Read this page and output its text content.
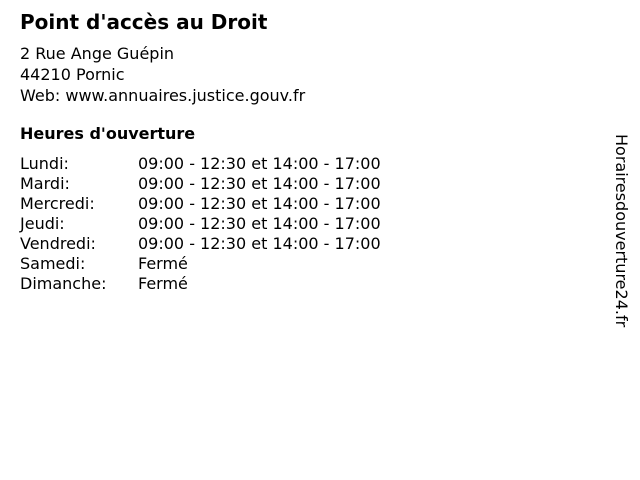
Point d'accès au Droit
2 Rue Ange Guépin
44210 Pornic
Web: www.annuaires.justice.gouv.fr
Heures d'ouverture
Lundi:	09:00 - 12:30 et 14:00 - 17:00
Mardi:	09:00 - 12:30 et 14:00 - 17:00
Mercredi:	09:00 - 12:30 et 14:00 - 17:00
Jeudi:	09:00 - 12:30 et 14:00 - 17:00
Vendredi:	09:00 - 12:30 et 14:00 - 17:00
Samedi:	Fermé
Dimanche:	Fermé	Horairesdouverture24.fr
